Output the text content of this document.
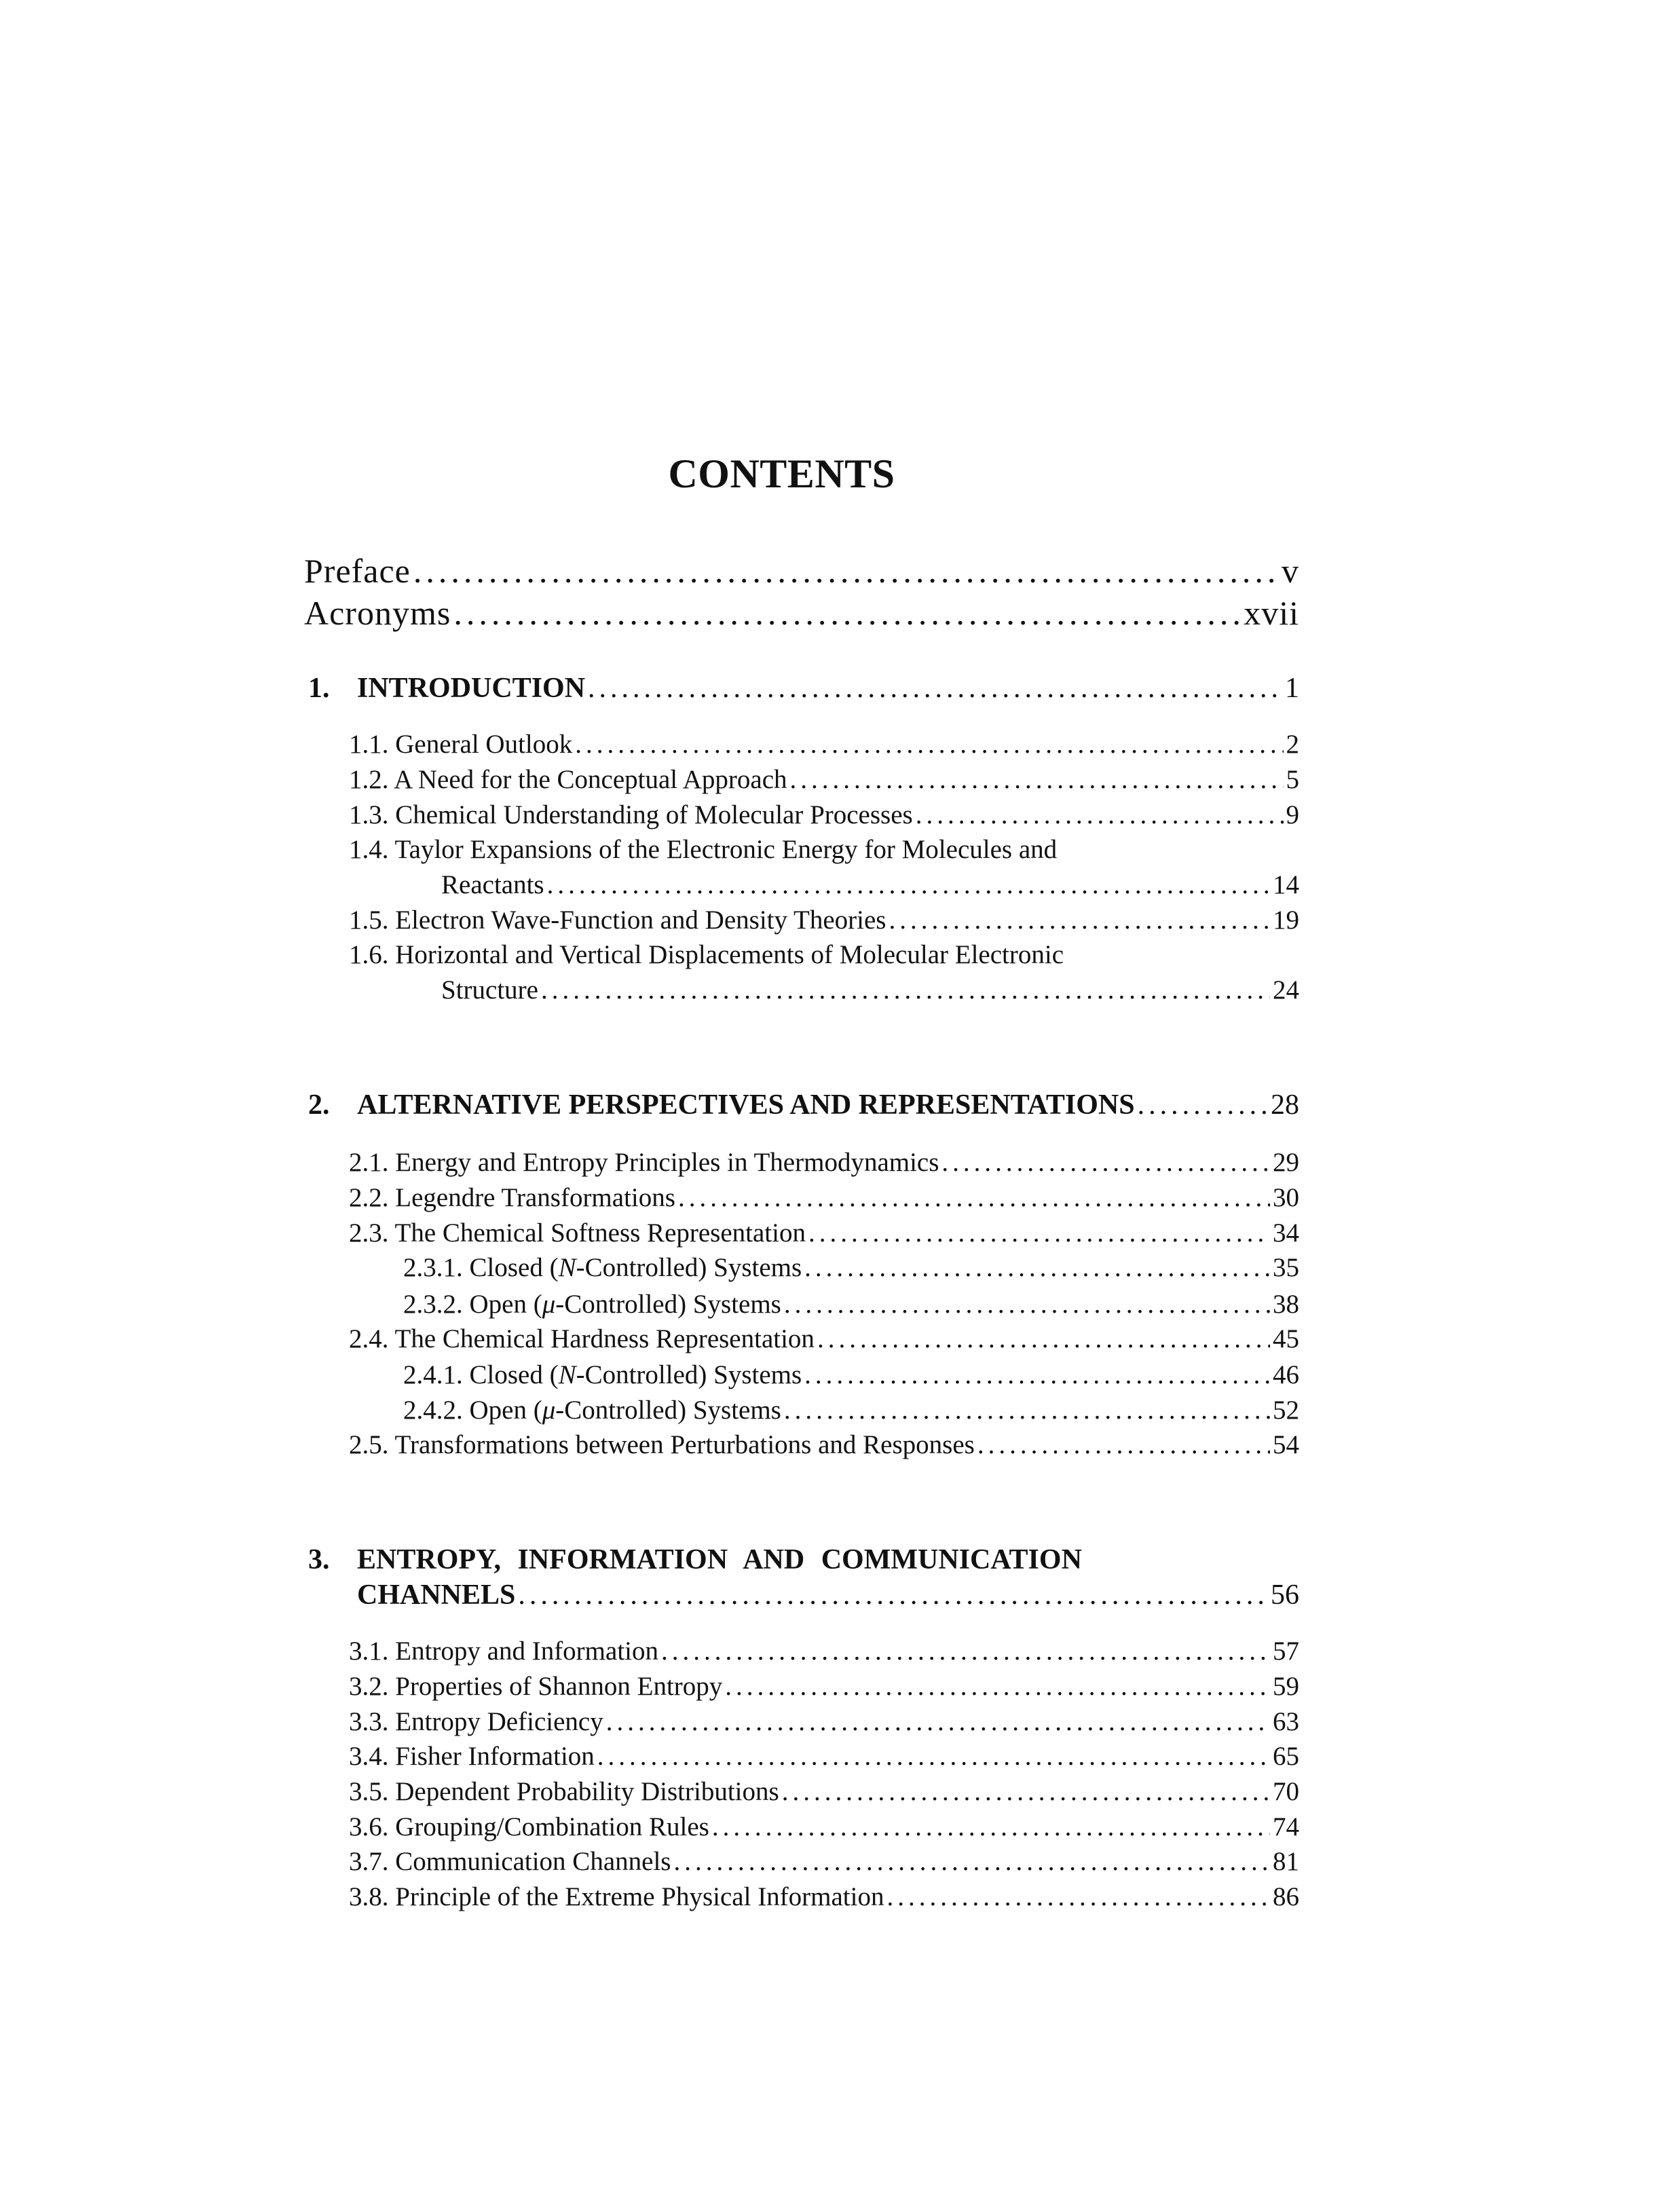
CONTENTS
Preface .....	v
Acronyms .....	xvii
1. INTRODUCTION .....	1
1.1. General Outlook .....	2
1.2. A Need for the Conceptual Approach .....	5
1.3. Chemical Understanding of Molecular Processes .....	9
1.4. Taylor Expansions of the Electronic Energy for Molecules and
Reactants .....	14
1.5. Electron Wave-Function and Density Theories .....	19
1.6. Horizontal and Vertical Displacements of Molecular Electronic
Structure .....	24
2. ALTERNATIVE PERSPECTIVES AND REPRESENTATIONS .....	28
2.1. Energy and Entropy Principles in Thermodynamics .....	29
2.2. Legendre Transformations .....	30
2.3. The Chemical Softness Representation .....	34
2.3.1. Closed (N-Controlled) Systems .....	35
2.3.2. Open (μ-Controlled) Systems .....	38
2.4. The Chemical Hardness Representation .....	45
2.4.1. Closed (N-Controlled) Systems .....	46
2.4.2. Open (μ-Controlled) Systems .....	52
2.5. Transformations between Perturbations and Responses .....	54
3. ENTROPY, INFORMATION AND COMMUNICATION
CHANNELS .....	56
3.1. Entropy and Information .....	57
3.2. Properties of Shannon Entropy .....	59
3.3. Entropy Deficiency .....	63
3.4. Fisher Information .....	65
3.5. Dependent Probability Distributions .....	70
3.6. Grouping/Combination Rules .....	74
3.7. Communication Channels .....	81
3.8. Principle of the Extreme Physical Information .....	86
